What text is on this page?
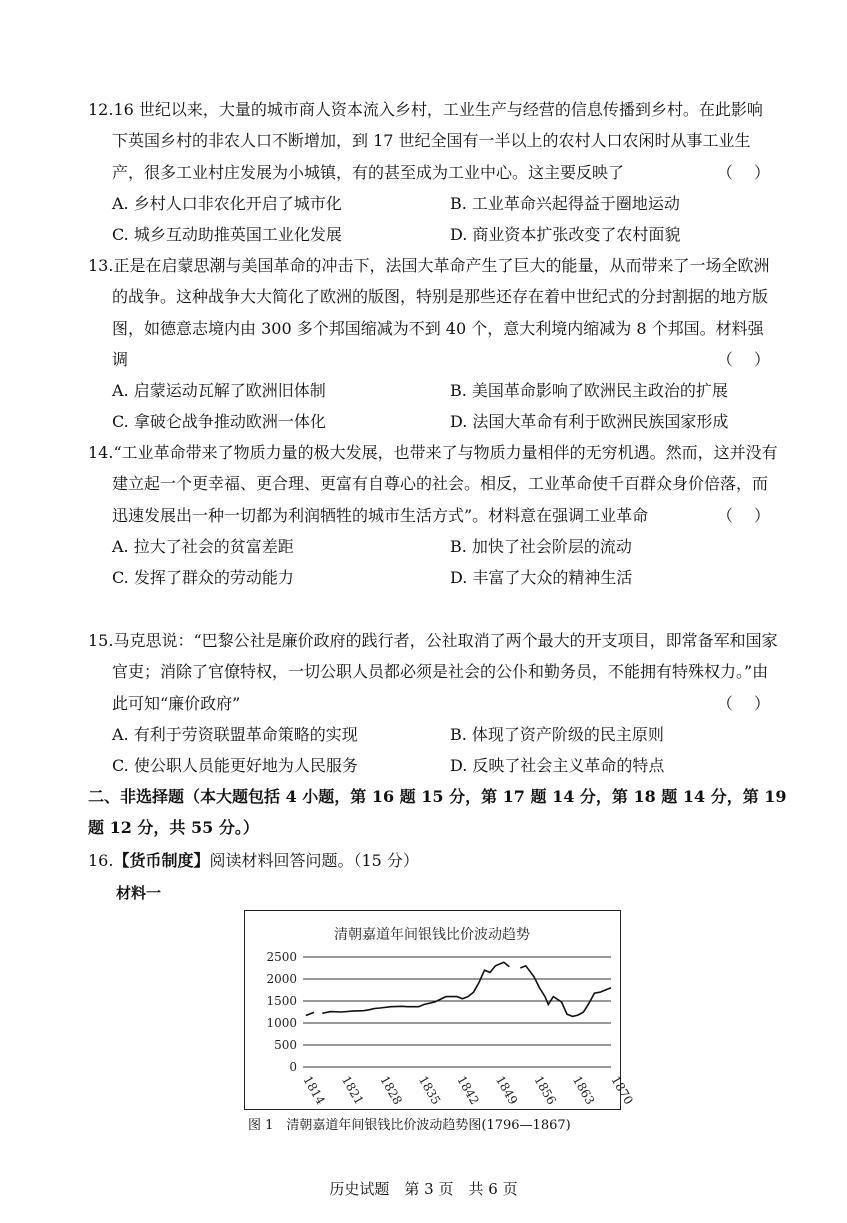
12.16 世纪以来，大量的城市商人资本流入乡村，工业生产与经营的信息传播到乡村。在此影响下英国乡村的非农人口不断增加，到 17 世纪全国有一半以上的农村人口农闲时从事工业生产，很多工业村庄发展为小城镇，有的甚至成为工业中心。这主要反映了	（ ）

A. 乡村人口非农化开启了城市化	B. 工业革命兴起得益于圈地运动
C. 城乡互动助推英国工业化发展	D. 商业资本扩张改变了农村面貌

13.正是在启蒙思潮与美国革命的冲击下，法国大革命产生了巨大的能量，从而带来了一场全欧洲的战争。这种战争大大简化了欧洲的版图，特别是那些还存在着中世纪式的分封割据的地方版图，如德意志境内由 300 多个邦国缩减为不到 40 个，意大利境内缩减为 8 个邦国。材料强调	（ ）

A. 启蒙运动瓦解了欧洲旧体制	B. 美国革命影响了欧洲民主政治的扩展
C. 拿破仑战争推动欧洲一体化	D. 法国大革命有利于欧洲民族国家形成

14.“工业革命带来了物质力量的极大发展，也带来了与物质力量相伴的无穷机遇。然而，这并没有建立起一个更幸福、更合理、更富有自尊心的社会。相反，工业革命使千百群众身价倍落，而迅速发展出一种一切都为利润牺牲的城市生活方式”。材料意在强调工业革命	（ ）

A. 拉大了社会的贫富差距	B. 加快了社会阶层的流动
C. 发挥了群众的劳动能力	D. 丰富了大众的精神生活

15.马克思说：“巴黎公社是廉价政府的践行者，公社取消了两个最大的开支项目，即常备军和国家官吏；消除了官僚特权，一切公职人员都必须是社会的公仆和勤务员，不能拥有特殊权力。”由此可知“廉价政府”	（ ）

A. 有利于劳资联盟革命策略的实现	B. 体现了资产阶级的民主原则
C. 使公职人员能更好地为人民服务	D. 反映了社会主义革命的特点

二、非选择题（本大题包括 4 小题，第 16 题 15 分，第 17 题 14 分，第 18 题 14 分，第 19 题 12 分，共 55 分。）

16.【货币制度】阅读材料回答问题。（15 分）
材料一
清朝嘉道年间银钱比价波动趋势
0
500
1000
1500
2000
2500
1814 1821 1828 1835 1842 1849 1856 1863 1870
图 1　清朝嘉道年间银钱比价波动趋势图(1796—1867)
历史试题　第 3 页　共 6 页
